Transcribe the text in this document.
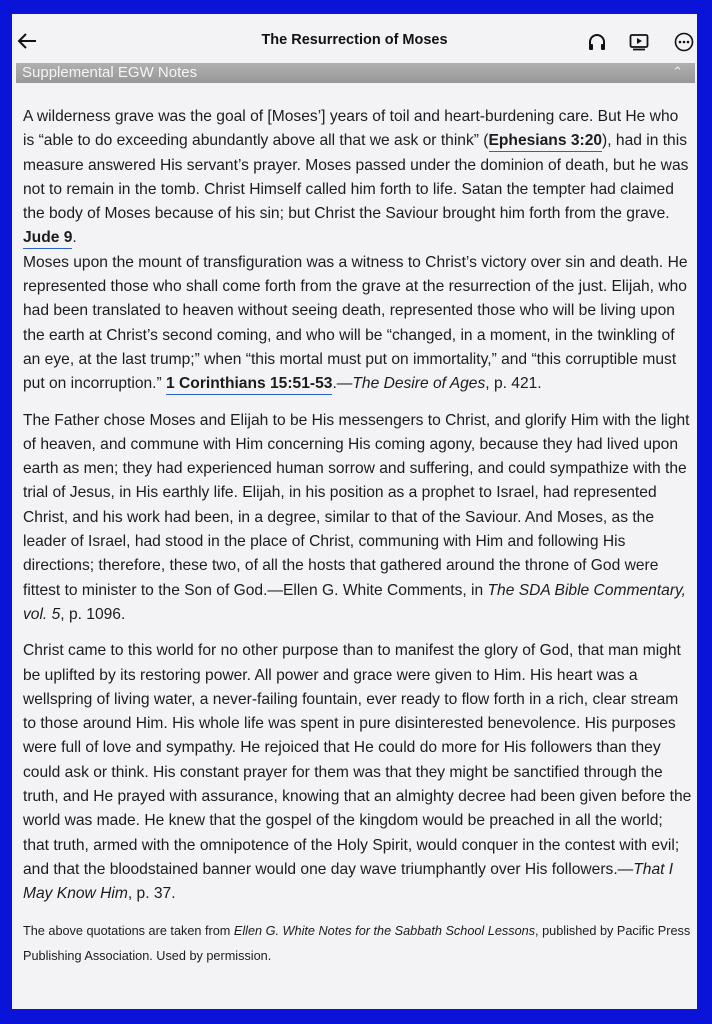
The Resurrection of Moses
Supplemental EGW Notes	⌃

A wilderness grave was the goal of [Moses’] years of toil and heart-burdening care. But He who is “able to do exceeding abundantly above all that we ask or think” (Ephesians 3:20), had in this measure answered His servant’s prayer. Moses passed under the dominion of death, but he was not to remain in the tomb. Christ Himself called him forth to life. Satan the tempter had claimed the body of Moses because of his sin; but Christ the Saviour brought him forth from the grave. Jude 9.
Moses upon the mount of transfiguration was a witness to Christ’s victory over sin and death. He represented those who shall come forth from the grave at the resurrection of the just. Elijah, who had been translated to heaven without seeing death, represented those who will be living upon the earth at Christ’s second coming, and who will be “changed, in a moment, in the twinkling of an eye, at the last trump;” when “this mortal must put on immortality,” and “this corruptible must put on incorruption.” 1 Corinthians 15:51-53.—The Desire of Ages, p. 421.

The Father chose Moses and Elijah to be His messengers to Christ, and glorify Him with the light of heaven, and commune with Him concerning His coming agony, because they had lived upon earth as men; they had experienced human sorrow and suffering, and could sympathize with the trial of Jesus, in His earthly life. Elijah, in his position as a prophet to Israel, had represented Christ, and his work had been, in a degree, similar to that of the Saviour. And Moses, as the leader of Israel, had stood in the place of Christ, communing with Him and following His directions; therefore, these two, of all the hosts that gathered around the throne of God were fittest to minister to the Son of God.—Ellen G. White Comments, in The SDA Bible Commentary, vol. 5, p. 1096.

Christ came to this world for no other purpose than to manifest the glory of God, that man might be uplifted by its restoring power. All power and grace were given to Him. His heart was a wellspring of living water, a never-failing fountain, ever ready to flow forth in a rich, clear stream to those around Him. His whole life was spent in pure disinterested benevolence. His purposes were full of love and sympathy. He rejoiced that He could do more for His followers than they could ask or think. His constant prayer for them was that they might be sanctified through the truth, and He prayed with assurance, knowing that an almighty decree had been given before the world was made. He knew that the gospel of the kingdom would be preached in all the world; that truth, armed with the omnipotence of the Holy Spirit, would conquer in the contest with evil; and that the bloodstained banner would one day wave triumphantly over His followers.—That I May Know Him, p. 37.

The above quotations are taken from Ellen G. White Notes for the Sabbath School Lessons, published by Pacific Press Publishing Association. Used by permission.
